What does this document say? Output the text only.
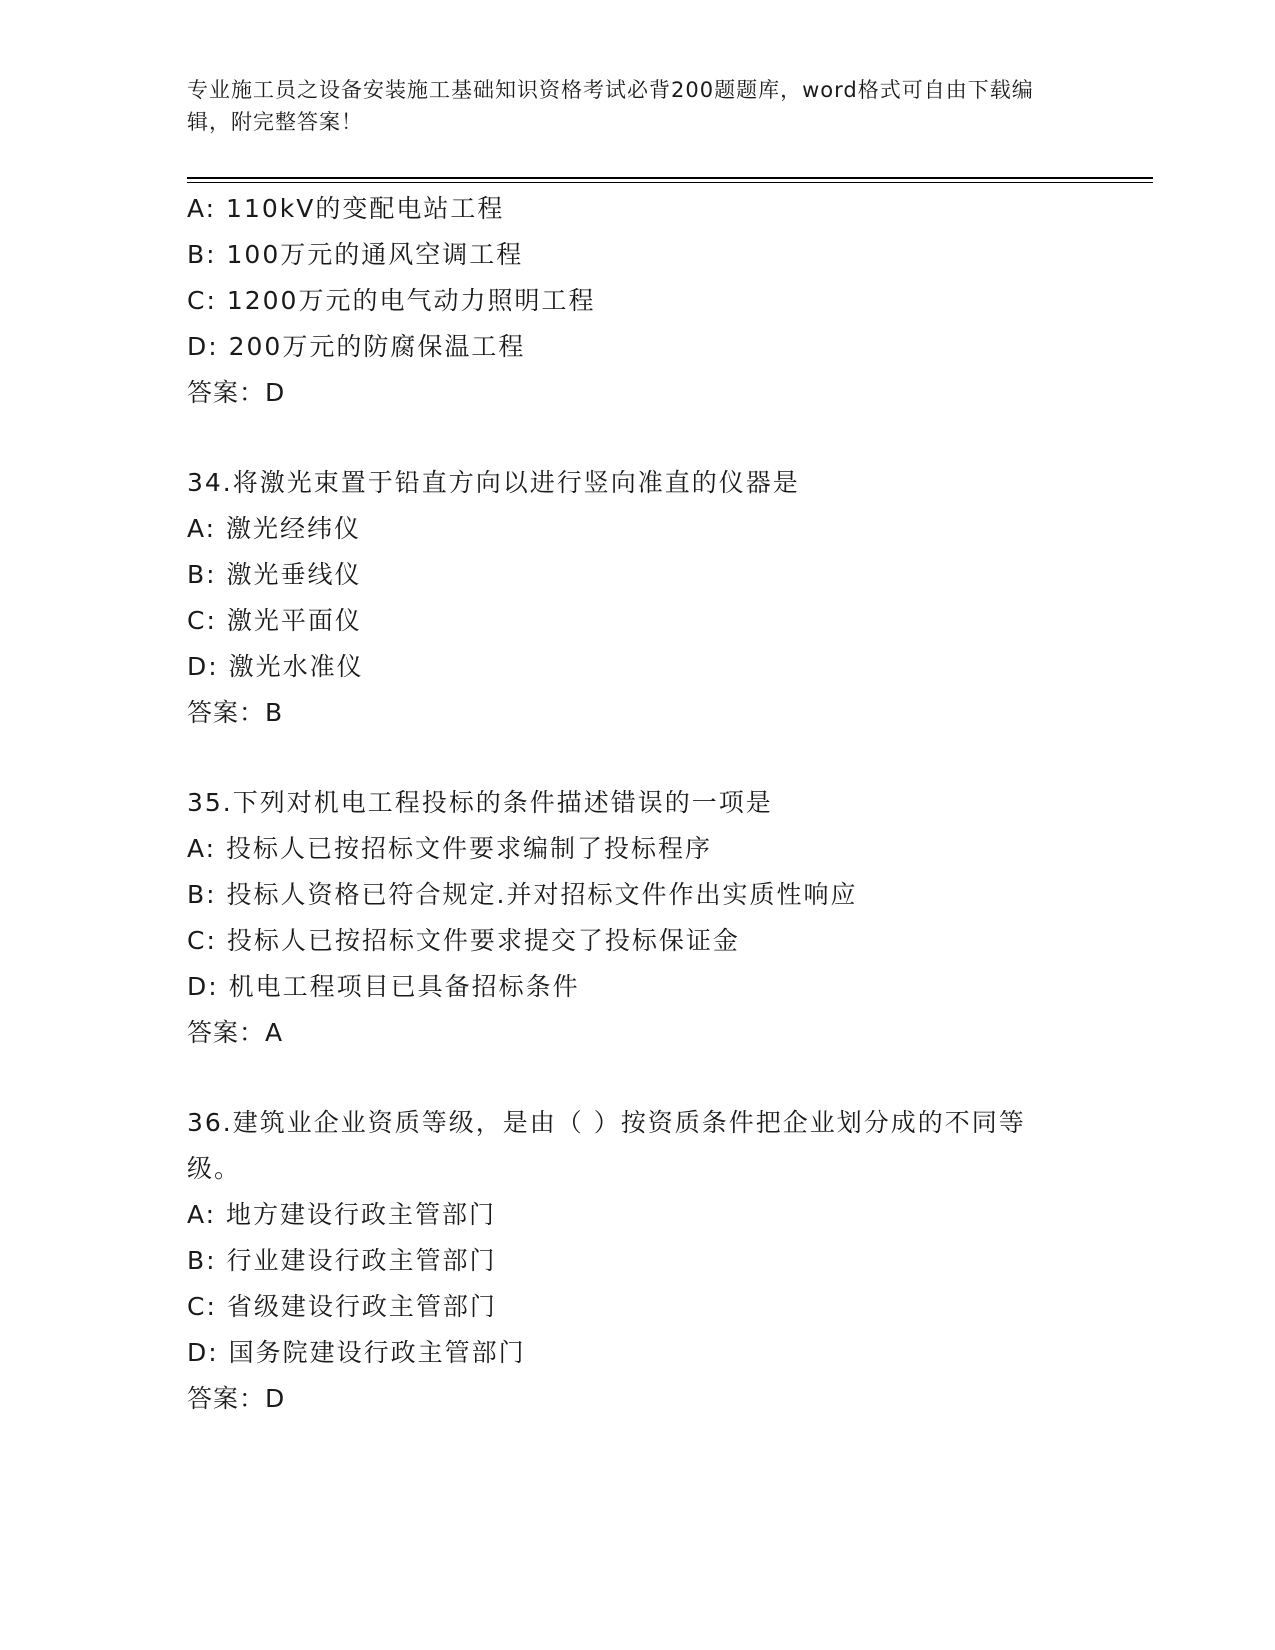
专业施工员之设备安装施工基础知识资格考试必背200题题库，word格式可自由下载编辑，附完整答案！
A: 110kV的变配电站工程
B: 100万元的通风空调工程
C: 1200万元的电气动力照明工程
D: 200万元的防腐保温工程
答案：D
34.将激光束置于铅直方向以进行竖向准直的仪器是
A: 激光经纬仪
B: 激光垂线仪
C: 激光平面仪
D: 激光水准仪
答案：B
35.下列对机电工程投标的条件描述错误的一项是
A: 投标人已按招标文件要求编制了投标程序
B: 投标人资格已符合规定.并对招标文件作出实质性响应
C: 投标人已按招标文件要求提交了投标保证金
D: 机电工程项目已具备招标条件
答案：A
36.建筑业企业资质等级，是由（ ）按资质条件把企业划分成的不同等级。
A: 地方建设行政主管部门
B: 行业建设行政主管部门
C: 省级建设行政主管部门
D: 国务院建设行政主管部门
答案：D
